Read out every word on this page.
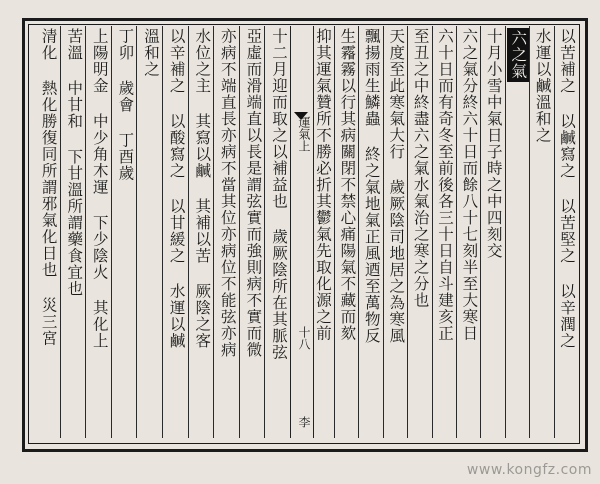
以苦補之 以鹹寫之 以苦堅之 以辛潤之
水運以鹹溫和之
六之氣
十月小雪中氣日子時之中四刻交
六之氣分終六十日而餘八十七刻半至大寒日
六十日而有奇冬至前後各三十日自斗建亥正
至丑之中終盡六之氣水氣治之寒之分也
天度至此寒氣大行 歲厥陰司地居之為寒風
飄揚雨生鱗蟲 終之氣地氣正風迺至萬物反
生霿霧以行其病關閉不禁心痛陽氣不藏而欬
抑其運氣贊所不勝必折其鬱氣先取化源之前
運氣上
十八
李
十二月迎而取之以補益也 歲厥陰所在其脈弦
亞虛而滑端直以長是謂弦實而強則病不實而微
亦病不端直長亦病不當其位亦病位不能弦亦病
水位之主 其寫以鹹 其補以苦 厥陰之客
以辛補之 以酸寫之 以甘緩之 水運以鹹
溫和之
丁卯 歲會 丁酉歲
上陽明金 中少角木運 下少陰火 其化上
苦溫 中甘和 下甘溫所謂藥食宜也
清化 熱化勝復同所謂邪氣化日也 災三宮
www.kongfz.com
